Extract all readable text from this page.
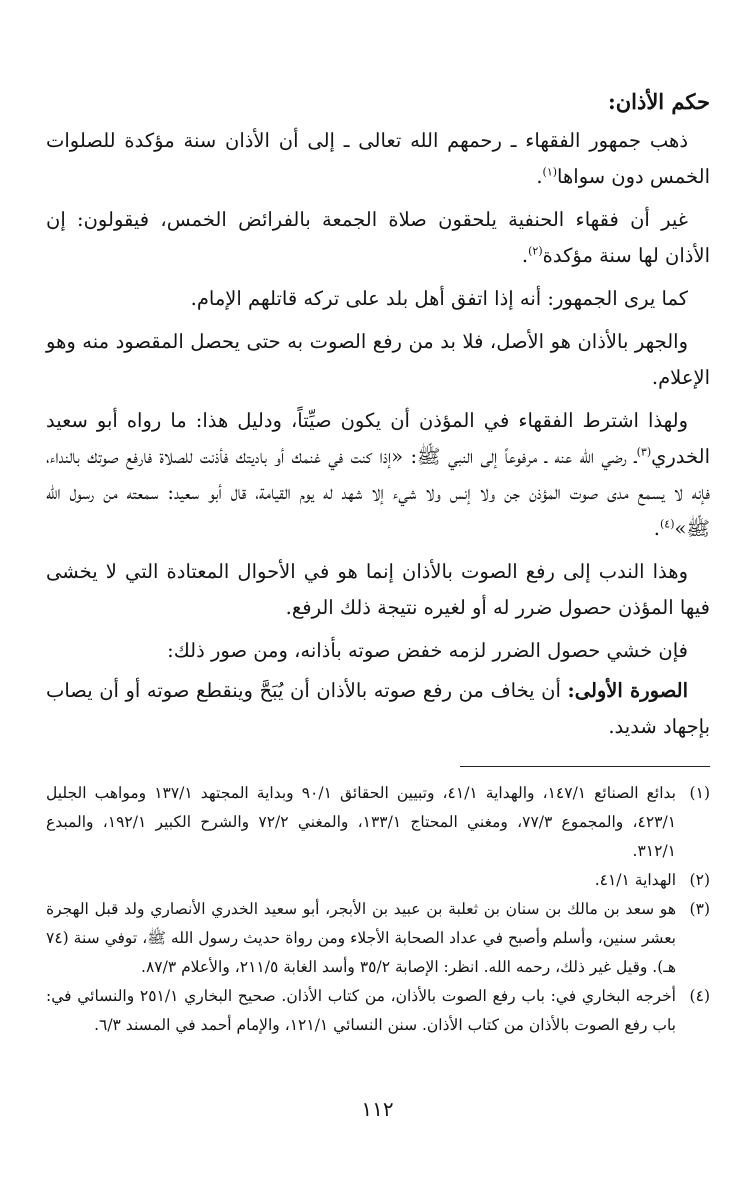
حكم الأذان:

ذهب جمهور الفقهاء ـ رحمهم الله تعالى ـ إلى أن الأذان سنة مؤكدة للصلوات الخمس دون سواها$^{(١)}$.

غير أن فقهاء الحنفية يلحقون صلاة الجمعة بالفرائض الخمس، فيقولون: إن الأذان لها سنة مؤكدة$^{(٢)}$.

كما يرى الجمهور: أنه إذا اتفق أهل بلد على تركه قاتلهم الإمام.

والجهر بالأذان هو الأصل، فلا بد من رفع الصوت به حتى يحصل المقصود منه وهو الإعلام.

ولهذا اشترط الفقهاء في المؤذن أن يكون صيِّتاً، ودليل هذا: ما رواه أبو سعيد الخدري$^{(٣)}$ـ رضي الله عنه ـ مرفوعاً إلى النبي ﷺ: «إذا كنت في غنمك أو باديتك فأذنت للصلاة فارفع صوتك بالنداء، فإنه لا يسمع مدى صوت المؤذن جن ولا إنس ولا شيء إلا شهد له يوم القيامة، قال أبو سعيد: سمعته من رسول الله ﷺ»$^{(٤)}$.

وهذا الندب إلى رفع الصوت بالأذان إنما هو في الأحوال المعتادة التي لا يخشى فيها المؤذن حصول ضرر له أو لغيره نتيجة ذلك الرفع.

فإن خشي حصول الضرر لزمه خفض صوته بأذانه، ومن صور ذلك:

الصورة الأولى: أن يخاف من رفع صوته بالأذان أن يُبَحَّ وينقطع صوته أو أن يصاب بإجهاد شديد.

(١)
بدائع الصنائع ١٤٧/١، والهداية ٤١/١، وتبيين الحقائق ٩٠/١ وبداية المجتهد ١٣٧/١ ومواهب الجليل ٤٢٣/١، والمجموع ٧٧/٣، ومغني المحتاج ١٣٣/١، والمغني ٧٢/٢ والشرح الكبير ١٩٢/١، والمبدع ٣١٢/١.
(٢)
الهداية ٤١/١.
(٣)
هو سعد بن مالك بن سنان بن ثعلبة بن عبيد بن الأبجر، أبو سعيد الخدري الأنصاري ولد قبل الهجرة بعشر سنين، وأسلم وأصبح في عداد الصحابة الأجلاء ومن رواة حديث رسول الله ﷺ، توفي سنة (٧٤ هـ). وقيل غير ذلك، رحمه الله. انظر: الإصابة ٣٥/٢ وأسد الغابة ٢١١/٥، والأعلام ٨٧/٣.
(٤)
أخرجه البخاري في: باب رفع الصوت بالأذان، من كتاب الأذان. صحيح البخاري ٢٥١/١ والنسائي في: باب رفع الصوت بالأذان من كتاب الأذان. سنن النسائي ١٢١/١، والإمام أحمد في المسند ٦/٣.
١١٢
